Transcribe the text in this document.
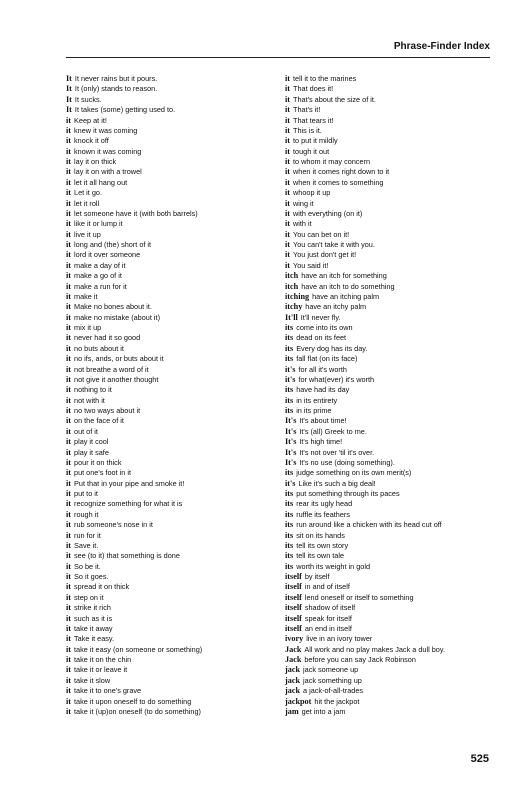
Phrase-Finder Index
It It never rains but it pours.
It It (only) stands to reason.
It It sucks.
It It takes (some) getting used to.
it Keep at it!
it knew it was coming
it knock it off
it known it was coming
it lay it on thick
it lay it on with a trowel
it let it all hang out
it Let it go.
it let it roll
it let someone have it (with both barrels)
it like it or lump it
it live it up
it long and (the) short of it
it lord it over someone
it make a day of it
it make a go of it
it make a run for it
it make it
it Make no bones about it.
it make no mistake (about it)
it mix it up
it never had it so good
it no buts about it
it no ifs, ands, or buts about it
it not breathe a word of it
it not give it another thought
it nothing to it
it not with it
it no two ways about it
it on the face of it
it out of it
it play it cool
it play it safe
it pour it on thick
it put one's foot in it
it Put that in your pipe and smoke it!
it put to it
it recognize something for what it is
it rough it
it rub someone's nose in it
it run for it
it Save it.
it see (to it) that something is done
it So be it.
it So it goes.
it spread it on thick
it step on it
it strike it rich
it such as it is
it take it away
it Take it easy.
it take it easy (on someone or something)
it take it on the chin
it take it or leave it
it take it slow
it take it to one's grave
it take it upon oneself to do something
it take it (up)on oneself (to do something)
it tell it to the marines
it That does it!
it That's about the size of it.
it That's it!
it That tears it!
it This is it.
it to put it mildly
it tough it out
it to whom it may concern
it when it comes right down to it
it when it comes to something
it whoop it up
it wing it
it with everything (on it)
it with it
it You can bet on it!
it You can't take it with you.
it You just don't get it!
it You said it!
itch have an itch for something
itch have an itch to do something
itching have an itching palm
itchy have an itchy palm
It'll It'll never fly.
its come into its own
its dead on its feet
its Every dog has its day.
its fall flat (on its face)
it's for all it's worth
it's for what(ever) it's worth
its have had its day
its in its entirety
its in its prime
It's It's about time!
It's It's (all) Greek to me.
It's It's high time!
It's It's not over 'til it's over.
It's It's no use (doing something).
its judge something on its own merit(s)
it's Like it's such a big deal!
its put something through its paces
its rear its ugly head
its ruffle its feathers
its run around like a chicken with its head cut off
its sit on its hands
its tell its own story
its tell its own tale
its worth its weight in gold
itself by itself
itself in and of itself
itself lend oneself or itself to something
itself shadow of itself
itself speak for itself
itself an end in itself
ivory live in an ivory tower
Jack All work and no play makes Jack a dull boy.
Jack before you can say Jack Robinson
jack jack someone up
jack jack something up
jack a jack-of-all-trades
jackpot hit the jackpot
jam get into a jam
525
